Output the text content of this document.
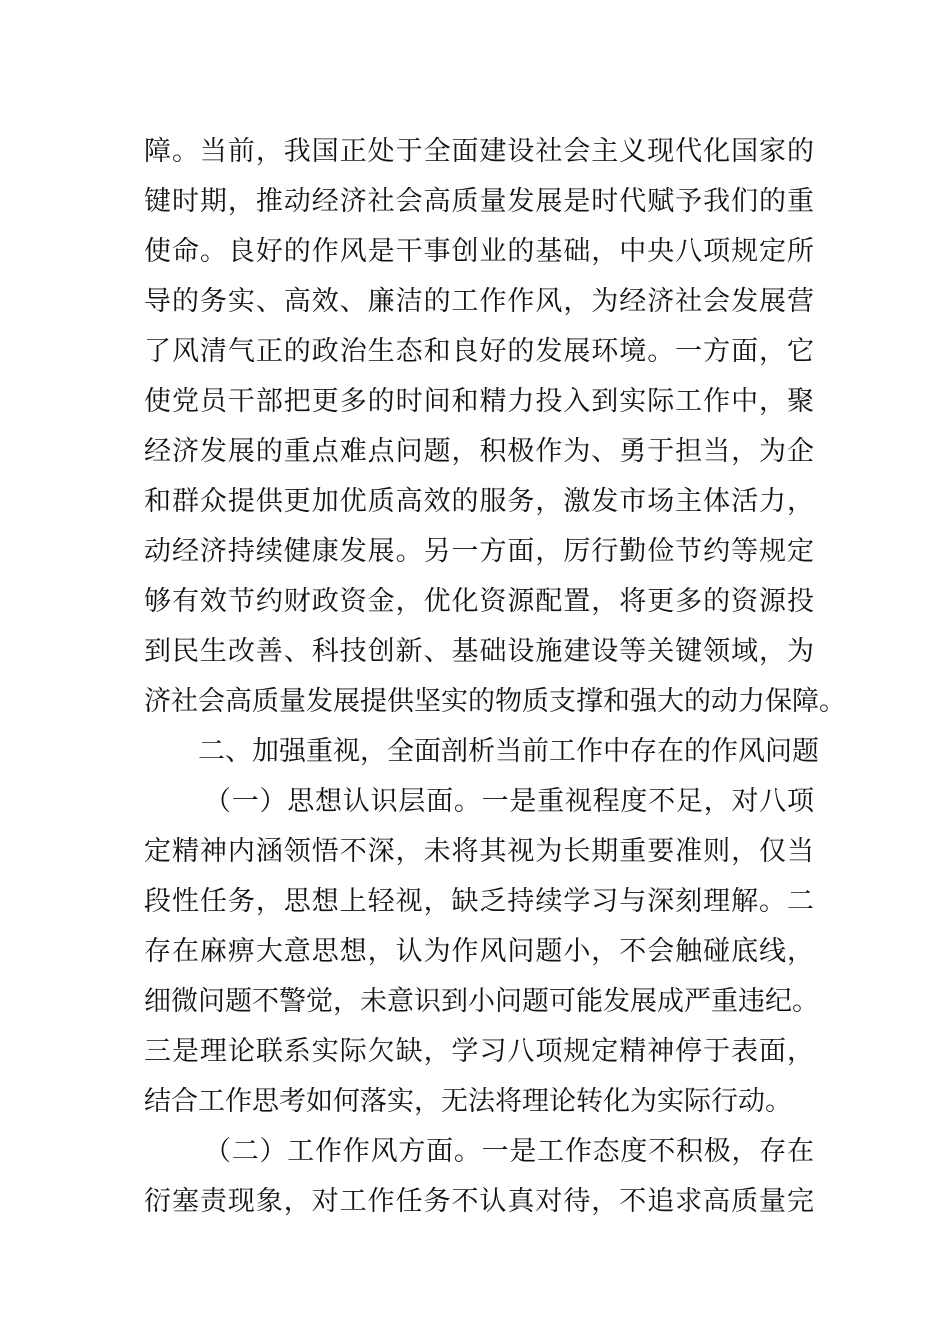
障。当前，我国正处于全面建设社会主义现代化国家的
键时期，推动经济社会高质量发展是时代赋予我们的重
使命。良好的作风是干事创业的基础，中央八项规定所
导的务实、高效、廉洁的工作作风，为经济社会发展营
了风清气正的政治生态和良好的发展环境。一方面，它
使党员干部把更多的时间和精力投入到实际工作中，聚
经济发展的重点难点问题，积极作为、勇于担当，为企
和群众提供更加优质高效的服务，激发市场主体活力，
动经济持续健康发展。另一方面，厉行勤俭节约等规定
够有效节约财政资金，优化资源配置，将更多的资源投
到民生改善、科技创新、基础设施建设等关键领域，为
济社会高质量发展提供坚实的物质支撑和强大的动力保障。
二、加强重视，全面剖析当前工作中存在的作风问题
（一）思想认识层面。一是重视程度不足，对八项
定精神内涵领悟不深，未将其视为长期重要准则，仅当
段性任务，思想上轻视，缺乏持续学习与深刻理解。二
存在麻痹大意思想，认为作风问题小，不会触碰底线，
细微问题不警觉，未意识到小问题可能发展成严重违纪。
三是理论联系实际欠缺，学习八项规定精神停于表面，
结合工作思考如何落实，无法将理论转化为实际行动。
（二）工作作风方面。一是工作态度不积极，存在
衍塞责现象，对工作任务不认真对待，不追求高质量完
